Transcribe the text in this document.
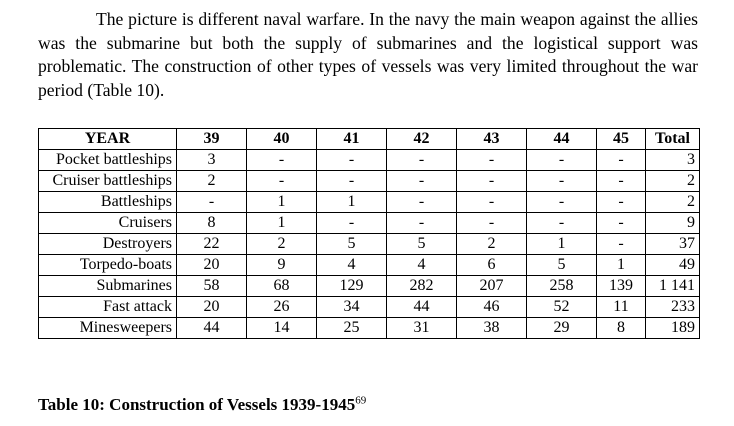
The picture is different naval warfare. In the navy the main weapon against the allies was the submarine but both the supply of submarines and the logistical support was problematic. The construction of other types of vessels was very limited throughout the war period (Table 10).

YEAR	39	40	41	42	43	44	45	Total
Pocket battleships	3	-	-	-	-	-	-	3
Cruiser battleships	2	-	-	-	-	-	-	2
Battleships	-	1	1	-	-	-	-	2
Cruisers	8	1	-	-	-	-	-	9
Destroyers	22	2	5	5	2	1	-	37
Torpedo-boats	20	9	4	4	6	5	1	49
Submarines	58	68	129	282	207	258	139	1 141
Fast attack	20	26	34	44	46	52	11	233
Minesweepers	44	14	25	31	38	29	8	189

Table 10: Construction of Vessels 1939-1945$^{69}$
